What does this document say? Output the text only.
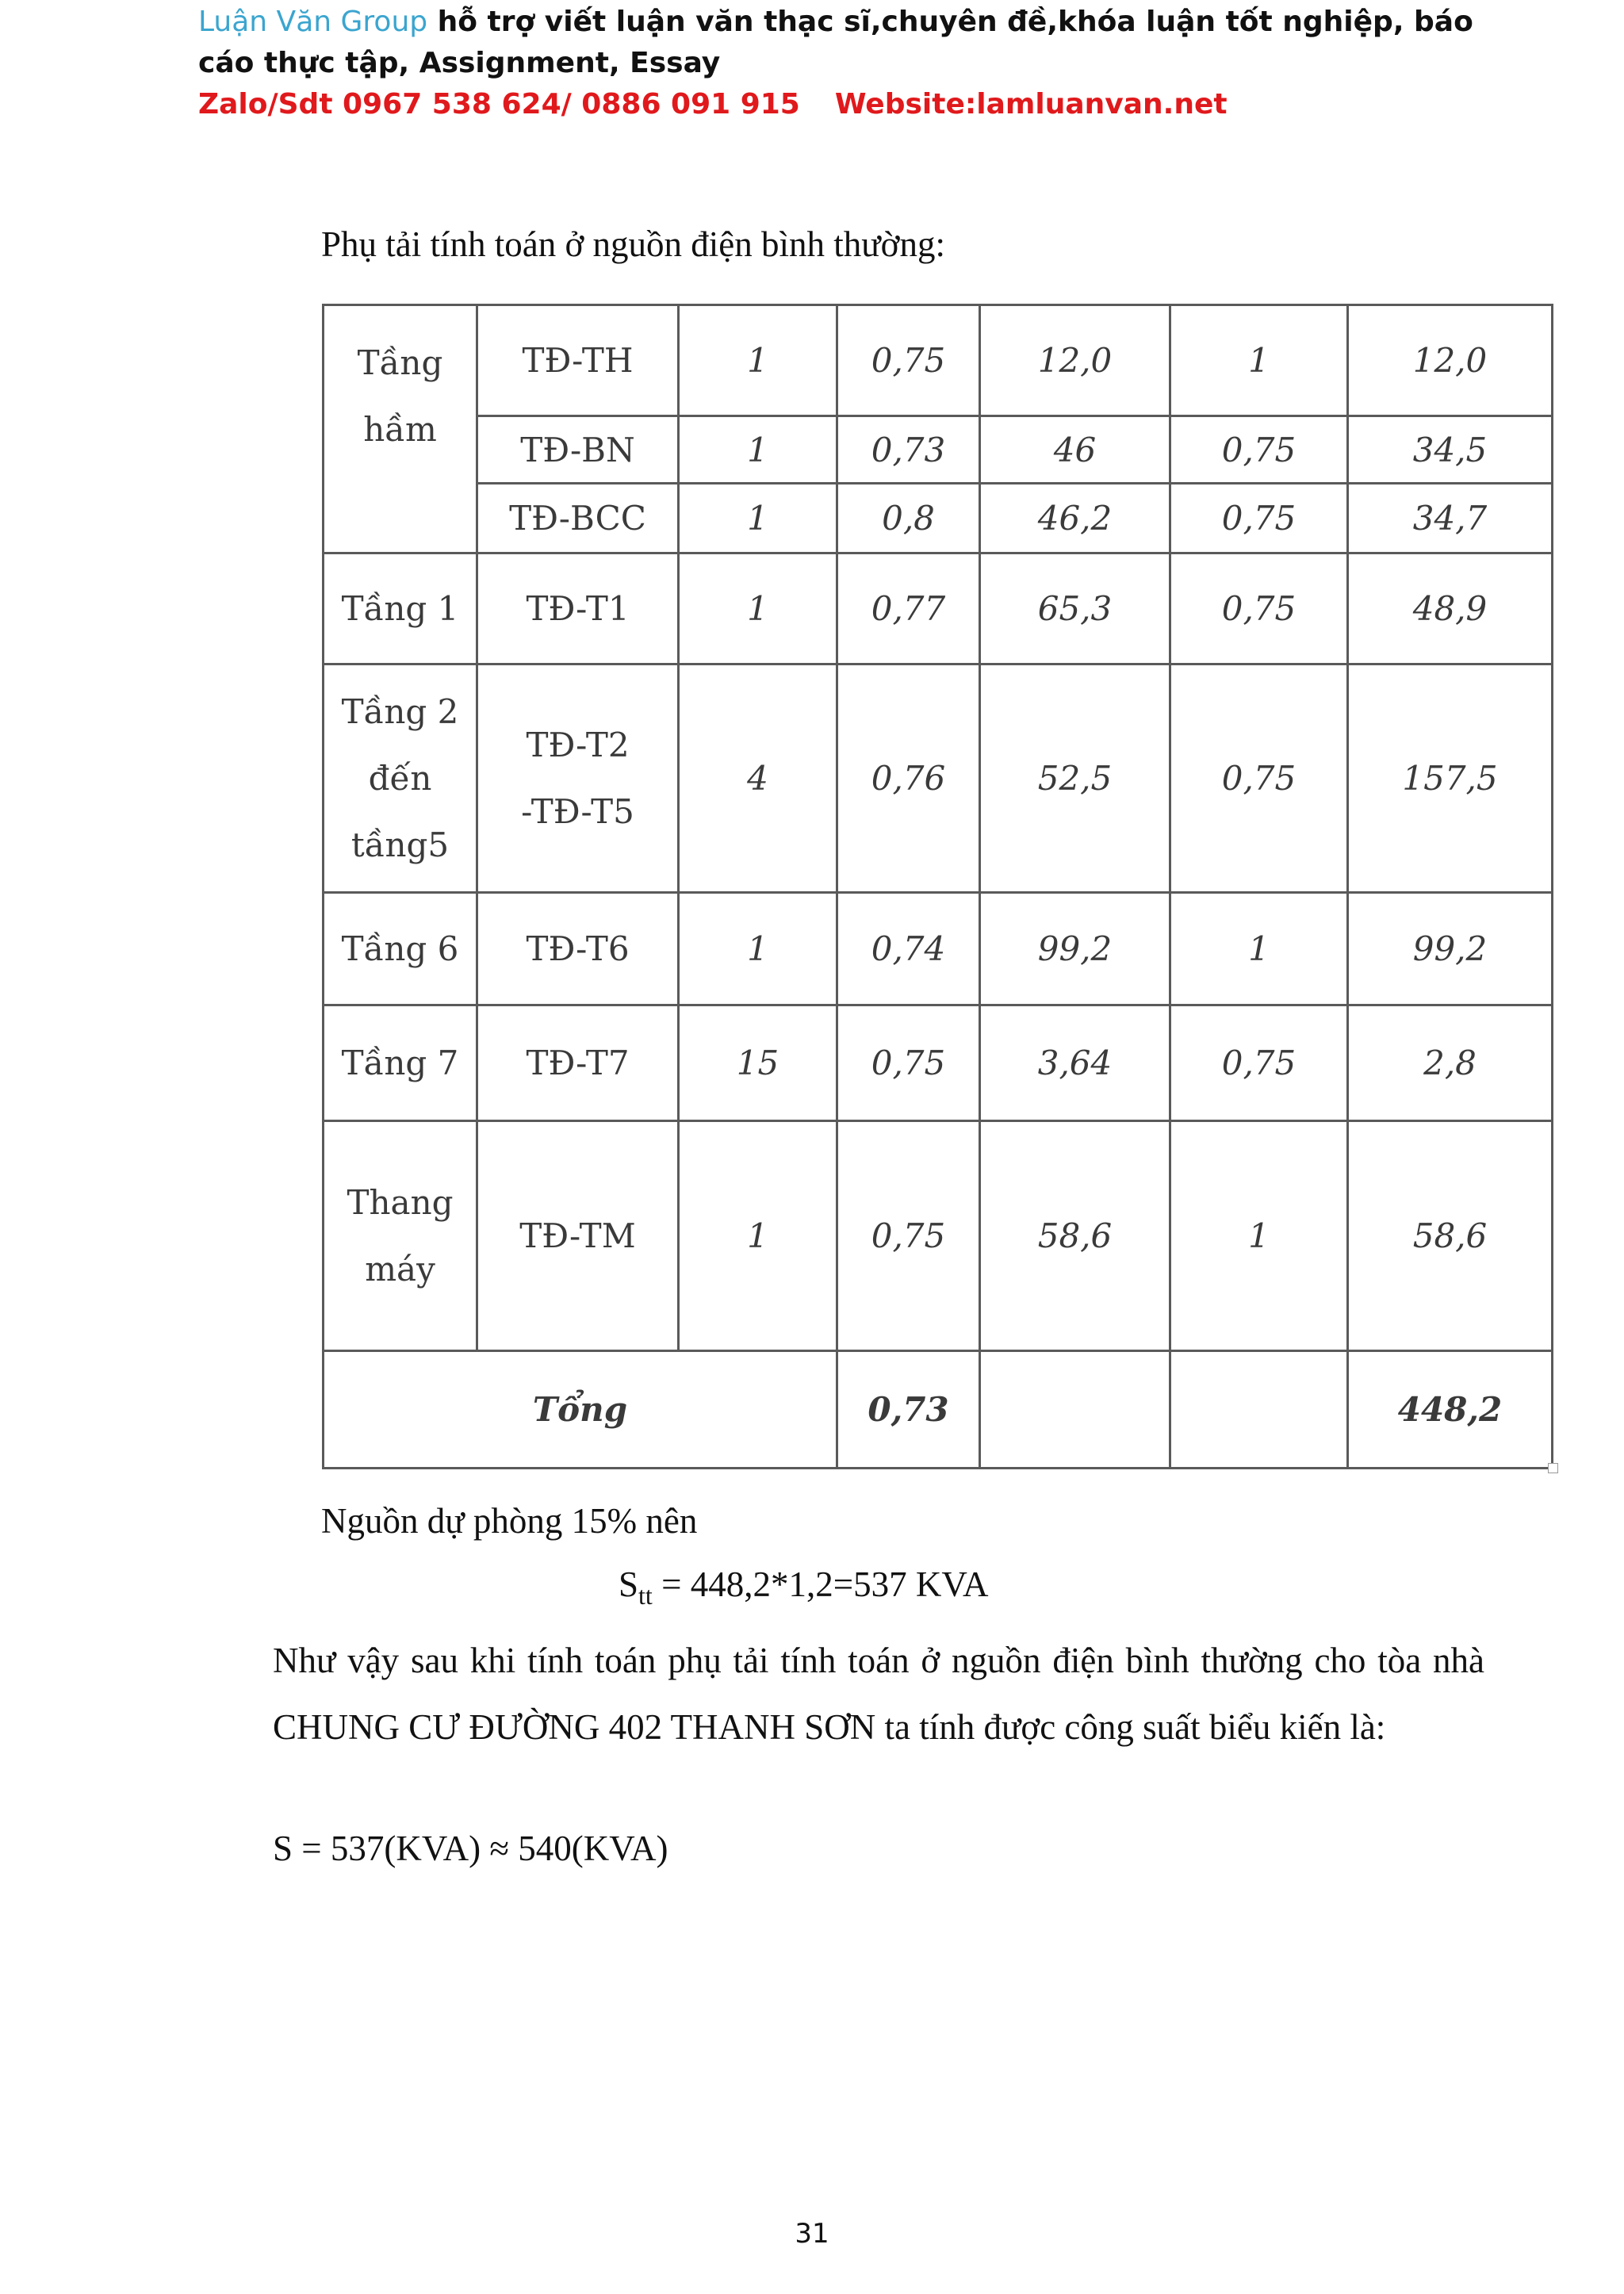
Luận Văn Group hỗ trợ viết luận văn thạc sĩ,chuyên đề,khóa luận tốt nghiệp, báo cáo thực tập, Assignment, Essay
Zalo/Sdt 0967 538 624/ 0886 091 915 Website:lamluanvan.net
Phụ tải tính toán ở nguồn điện bình thường:
Tầng
hầm	TĐ-TH	1	0,75	12,0	1	12,0
	TĐ-BN	1	0,73	46	0,75	34,5
	TĐ-BCC	1	0,8	46,2	0,75	34,7
Tầng 1	TĐ-T1	1	0,77	65,3	0,75	48,9
Tầng 2
đến
tầng5	TĐ-T2
-TĐ-T5	4	0,76	52,5	0,75	157,5
Tầng 6	TĐ-T6	1	0,74	99,2	1	99,2
Tầng 7	TĐ-T7	15	0,75	3,64	0,75	2,8
Thang
máy	TĐ-TM	1	0,75	58,6	1	58,6
Tổng			0,73			448,2
Nguồn dự phòng 15% nên
$S_{tt} = 448,2*1,2=537$ KVA
Như vậy sau khi tính toán phụ tải tính toán ở nguồn điện bình thường cho tòa nhà CHUNG CƯ ĐƯỜNG 402 THANH SƠN ta tính được công suất biểu kiến là:
S = 537(KVA) ≈ 540(KVA)
31
